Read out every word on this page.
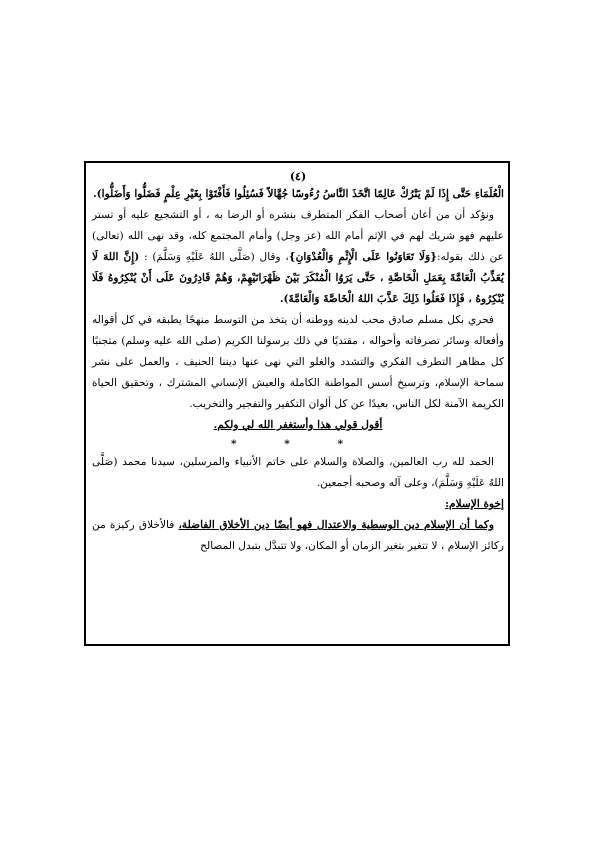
(٤)

الْعُلَمَاءِ حَتَّى إِذَا لَمْ يَتْرُكْ عَالِمًا اتَّخَذَ النَّاسُ رُءُوسًا جُهَّالاً فَسُئِلُوا فَأَفْتَوْا بِغَيْرِ عِلْمٍ فَضَلُّوا وَأَضَلُّوا).

ونؤكد أن من أعان أصحاب الفكر المتطرف بنشره أو الرضا به ، أو التشجيع عليه أو تستر عليهم فهو شريك لهم في الإثم أمام الله (عز وجل) وأمام المجتمع كله، وقد نهى الله (تعالى) عن ذلك بقوله:{وَلَا تَعَاوَنُوا عَلَى الْإِثْمِ وَالْعُدْوَانِ}، وقال (صَلَّى اللهُ عَلَيْهِ وَسَلَّمَ) : (إِنَّ اللهَ لَا يُعَذِّبُ الْعَامَّةَ بِعَمَلِ الْخَاصَّةِ ، حَتَّى يَرَوُا الْمُنْكَرَ بَيْنَ ظَهْرَانَيْهِمْ، وَهُمْ قَادِرُونَ عَلَى أَنْ يُنْكِرُوهُ فَلَا يُنْكِرُوهُ ، فَإِذَا فَعَلُوا ذَلِكَ عَذَّبَ اللهُ الْخَاصَّةَ وَالْعَامَّةَ).

فحري بكل مسلم صادق محب لدينه ووطنه أن يتخذ من التوسط منهجًا يطبقه في كل أقواله وأفعاله وسائر تصرفاته وأحواله ، مقتديًا في ذلك برسولنا الكريم (صلى الله عليه وسلم) متجنبًا كل مظاهر التطرف الفكري والتشدد والغلو التي نهى عنها ديننا الحنيف ، والعمل على نشر سماحة الإسلام، وترسيخ أسس المواطنة الكاملة والعيش الإنساني المشترك ، وتحقيق الحياة الكريمة الآمنة لكل الناس، بعيدًا عن كل ألوان التكفير والتفجير والتخريب.

أقول قولي هذا وأستغفر الله لي ولكم.

* * *

الحمد لله رب العالمين، والصلاة والسلام على خاتم الأنبياء والمرسلين، سيدنا محمد (صَلَّى اللهُ عَلَيْهِ وَسَلَّمَ)، وعلى آله وصحبه أجمعين.

إخوة الإسلام:

وكما أن الإسلام دين الوسطية والاعتدال فهو أيضًا دين الأخلاق الفاضلة، فالأخلاق ركيزة من ركائز الإسلام ، لا تتغير بتغير الزمان أو المكان، ولا تتبدَّل بتبدل المصالح
